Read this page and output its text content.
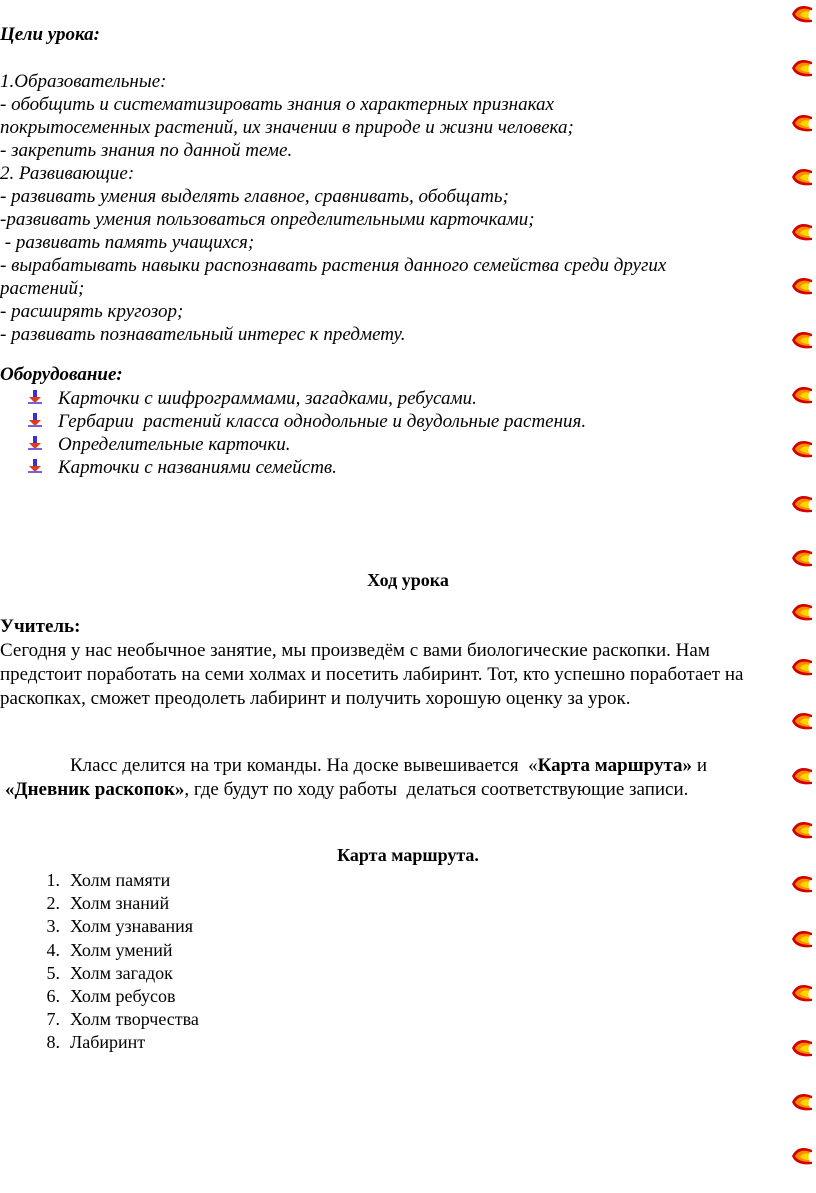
Цели урока:
1.Образовательные:
- обобщить и систематизировать знания о характерных признаках
покрытосеменных растений, их значении в природе и жизни человека;
- закрепить знания по данной теме.
2. Развивающие:
- развивать умения выделять главное, сравнивать, обобщать;
-развивать умения пользоваться определительными карточками;
- развивать память учащихся;
- вырабатывать навыки распознавать растения данного семейства среди других
растений;
- расширять кругозор;
- развивать познавательный интерес к предмету.
Оборудование:
Карточки с шифрограммами, загадками, ребусами.
Гербарии  растений класса однодольные и двудольные растения.
Определительные карточки.
Карточки с названиями семейств.
Ход урока
Учитель:
Сегодня у нас необычное занятие, мы произведём с вами биологические раскопки. Нам
предстоит поработать на семи холмах и посетить лабиринт. Тот, кто успешно поработает на
раскопках, сможет преодолеть лабиринт и получить хорошую оценку за урок.
Класс делится на три команды. На доске вывешивается  «Карта маршрута» и
«Дневник раскопок», где будут по ходу работы  делаться соответствующие записи.
Карта маршрута.
1. Холм памяти
2. Холм знаний
3. Холм узнавания
4. Холм умений
5. Холм загадок
6. Холм ребусов
7. Холм творчества
8. Лабиринт
